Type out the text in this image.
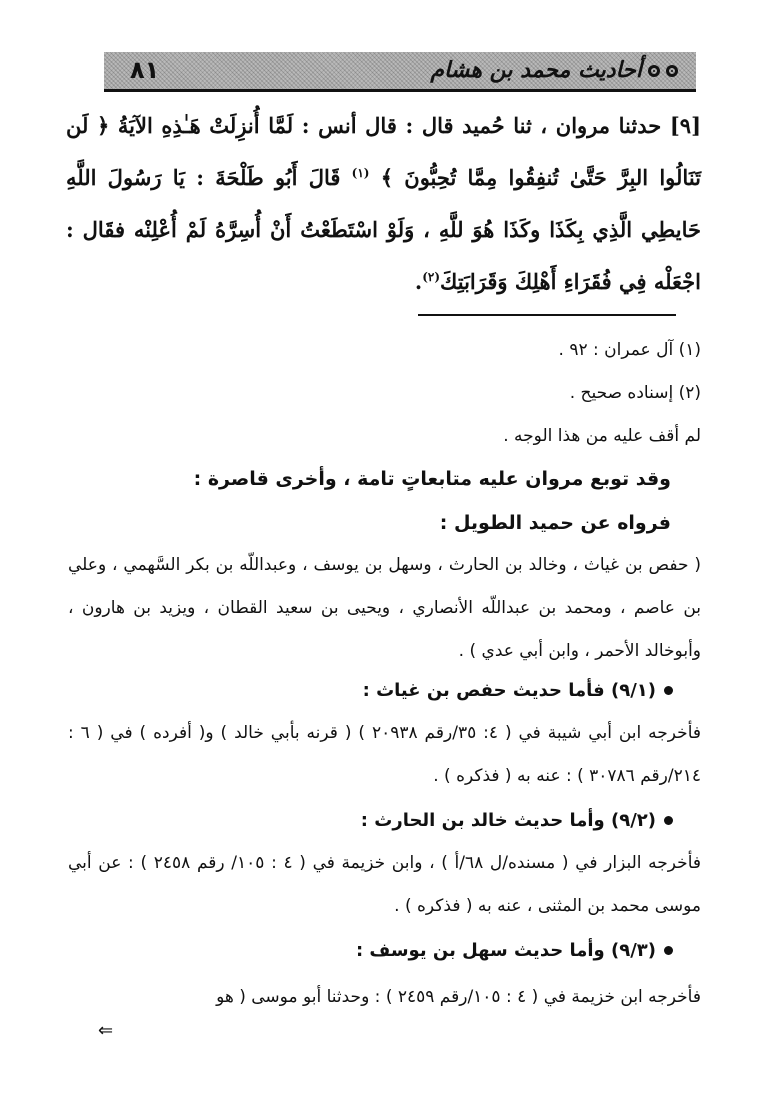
أحاديث محمد بن هشام
٨١
[٩] حدثنا مروان ، ثنا حُميد قال : قال أنس : لَمَّا أُنزِلَتْ هَـٰذِهِ الآيَةُ ﴿ لَن تَنَالُوا البِرَّ حَتَّىٰ تُنفِقُوا مِمَّا تُحِبُّونَ ﴾ $^{(١)}$ قَالَ أَبُو طَلْحَةَ : يَا رَسُولَ اللَّهِ حَايطِي الَّذِي بِكَذَا وكَذَا هُوَ للَّهِ ، وَلَوْ اسْتَطَعْتُ أَنْ أُسِرَّهُ لَمْ أُعْلِنْه فقَال : اجْعَلْه فِي فُقَرَاءِ أَهْلِكَ وَقَرَابَتِكَ$^{(٢)}$.
(١) آل عمران : ٩٢ .
(٢) إسناده صحيح .
لم أقف عليه من هذا الوجه .
وقد توبع مروان عليه متابعاتٍ تامة ، وأخرى قاصرة :
فرواه عن حميد الطويل :
( حفص بن غياث ، وخالد بن الحارث ، وسهل بن يوسف ، وعبداللّه بن بكر السَّهمي ، وعلي بن عاصم ، ومحمد بن عبداللّه الأنصاري ، ويحيى بن سعيد القطان ، ويزيد بن هارون ، وأبوخالد الأحمر ، وابن أبي عدي ) .
(٩/١) فأما حديث حفص بن غياث :
فأخرجه ابن أبي شيبة في ( ٤: ٣٥/رقم ٢٠٩٣٨ ) ( قرنه بأبي خالد ) و( أفرده ) في ( ٦ : ٢١٤/رقم ٣٠٧٨٦ ) : عنه به ( فذكره ) .
(٩/٢) وأما حديث خالد بن الحارث :
فأخرجه البزار في ( مسنده/ل ٦٨/أ ) ، وابن خزيمة في ( ٤ : ١٠٥/ رقم ٢٤٥٨ ) : عن أبي موسى محمد بن المثنى ، عنه به ( فذكره ) .
(٩/٣) وأما حديث سهل بن يوسف :
فأخرجه ابن خزيمة في ( ٤ : ١٠٥/رقم ٢٤٥٩ ) : وحدثنا أبو موسى ( هو
⇐
